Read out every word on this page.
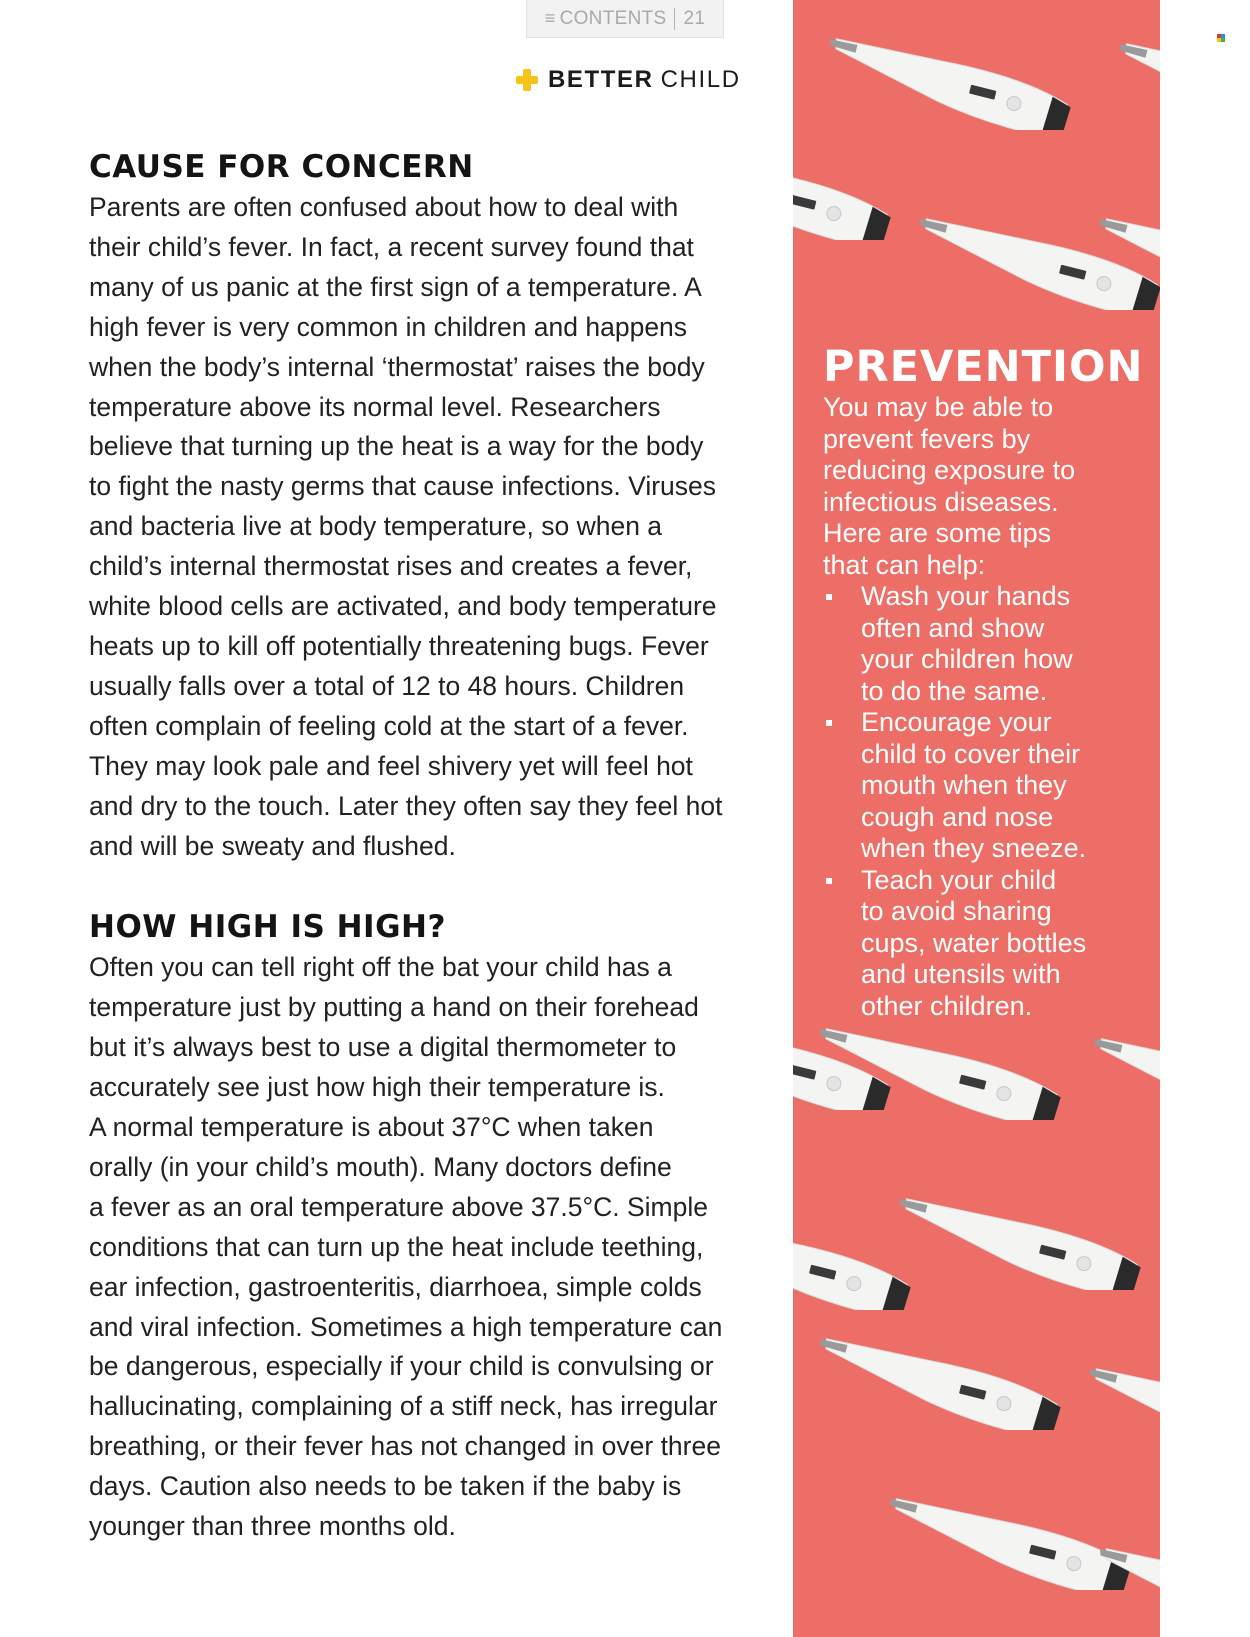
≡ CONTENTS 21
BETTER CHILD
CAUSE FOR CONCERN

Parents are often confused about how to deal with
their child’s fever. In fact, a recent survey found that
many of us panic at the first sign of a temperature. A
high fever is very common in children and happens
when the body’s internal ‘thermostat’ raises the body
temperature above its normal level. Researchers
believe that turning up the heat is a way for the body
to fight the nasty germs that cause infections. Viruses
and bacteria live at body temperature, so when a
child’s internal thermostat rises and creates a fever,
white blood cells are activated, and body temperature
heats up to kill off potentially threatening bugs. Fever
usually falls over a total of 12 to 48 hours. Children
often complain of feeling cold at the start of a fever.
They may look pale and feel shivery yet will feel hot
and dry to the touch. Later they often say they feel hot
and will be sweaty and flushed.

HOW HIGH IS HIGH?

Often you can tell right off the bat your child has a
temperature just by putting a hand on their forehead
but it’s always best to use a digital thermometer to
accurately see just how high their temperature is.
A normal temperature is about 37°C when taken
orally (in your child’s mouth). Many doctors define
a fever as an oral temperature above 37.5°C. Simple
conditions that can turn up the heat include teething,
ear infection, gastroenteritis, diarrhoea, simple colds
and viral infection. Sometimes a high temperature can
be dangerous, especially if your child is convulsing or
hallucinating, complaining of a stiff neck, has irregular
breathing, or their fever has not changed in over three
days. Caution also needs to be taken if the baby is
younger than three months old.

PREVENTION

You may be able to
prevent fevers by
reducing exposure to
infectious diseases.
Here are some tips
that can help:

Wash your hands
often and show
your children how
to do the same.
Encourage your
child to cover their
mouth when they
cough and nose
when they sneeze.
Teach your child
to avoid sharing
cups, water bottles
and utensils with
other children.
